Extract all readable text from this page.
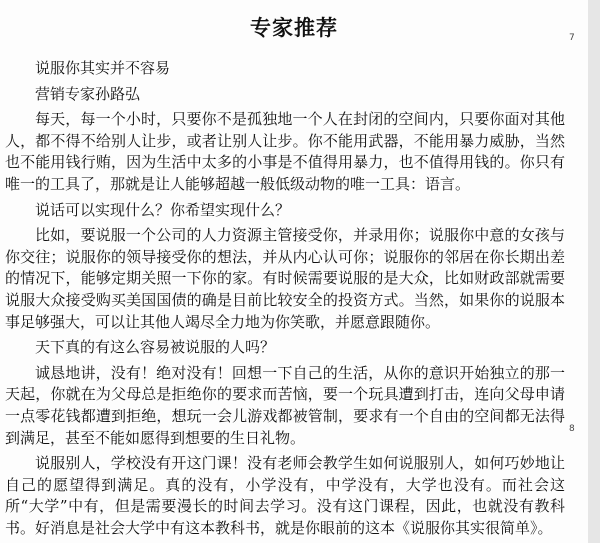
专家推荐	7
8

说服你其实并不容易

营销专家孙路弘

每天，每一个小时，只要你不是孤独地一个人在封闭的空间内，只要你面对其他人，都不得不给别人让步，或者让别人让步。你不能用武器，不能用暴力威胁，当然也不能用钱行贿，因为生活中太多的小事是不值得用暴力，也不值得用钱的。你只有唯一的工具了，那就是让人能够超越一般低级动物的唯一工具：语言。

说话可以实现什么？你希望实现什么？

比如，要说服一个公司的人力资源主管接受你，并录用你；说服你中意的女孩与你交往；说服你的领导接受你的想法，并从内心认可你；说服你的邻居在你长期出差的情况下，能够定期关照一下你的家。有时候需要说服的是大众，比如财政部就需要说服大众接受购买美国国债的确是目前比较安全的投资方式。当然，如果你的说服本事足够强大，可以让其他人竭尽全力地为你笑歌，并愿意跟随你。

天下真的有这么容易被说服的人吗？

诚恳地讲，没有！绝对没有！回想一下自己的生活，从你的意识开始独立的那一天起，你就在为父母总是拒绝你的要求而苦恼，要一个玩具遭到打击，连向父母申请一点零花钱都遭到拒绝，想玩一会儿游戏都被管制，要求有一个自由的空间都无法得到满足，甚至不能如愿得到想要的生日礼物。

说服别人，学校没有开这门课！没有老师会教学生如何说服别人，如何巧妙地让自己的愿望得到满足。真的没有，小学没有，中学没有，大学也没有。而社会这所“大学”中有，但是需要漫长的时间去学习。没有这门课程，因此，也就没有教科书。好消息是社会大学中有这本教科书，就是你眼前的这本《说服你其实很简单》。
